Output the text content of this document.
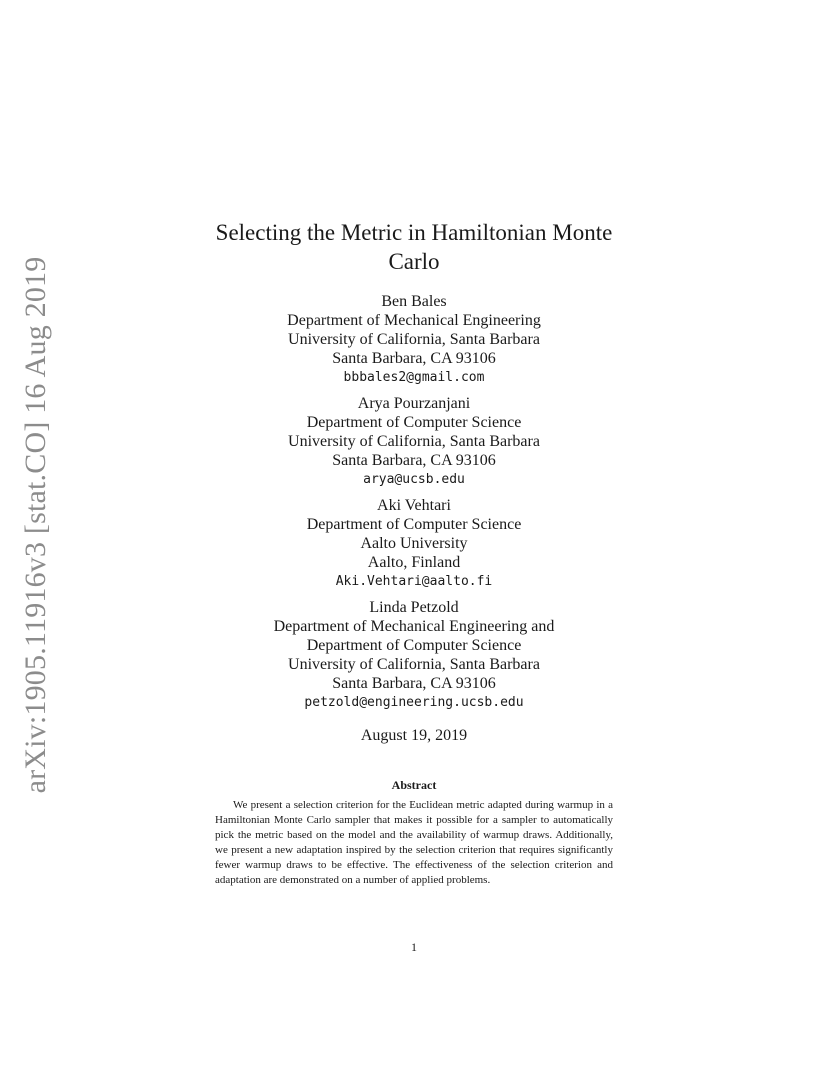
arXiv:1905.11916v3 [stat.CO] 16 Aug 2019
Selecting the Metric in Hamiltonian Monte
Carlo
Ben Bales
Department of Mechanical Engineering
University of California, Santa Barbara
Santa Barbara, CA 93106
bbbales2@gmail.com
Arya Pourzanjani
Department of Computer Science
University of California, Santa Barbara
Santa Barbara, CA 93106
arya@ucsb.edu
Aki Vehtari
Department of Computer Science
Aalto University
Aalto, Finland
Aki.Vehtari@aalto.fi
Linda Petzold
Department of Mechanical Engineering and
Department of Computer Science
University of California, Santa Barbara
Santa Barbara, CA 93106
petzold@engineering.ucsb.edu
August 19, 2019
Abstract

We present a selection criterion for the Euclidean metric adapted during warmup in a Hamiltonian Monte Carlo sampler that makes it possible for a sampler to automatically pick the metric based on the model and the availability of warmup draws. Additionally, we present a new adaptation inspired by the selection criterion that requires significantly fewer warmup draws to be effective. The effectiveness of the selection criterion and adaptation are demonstrated on a number of applied problems.

1
